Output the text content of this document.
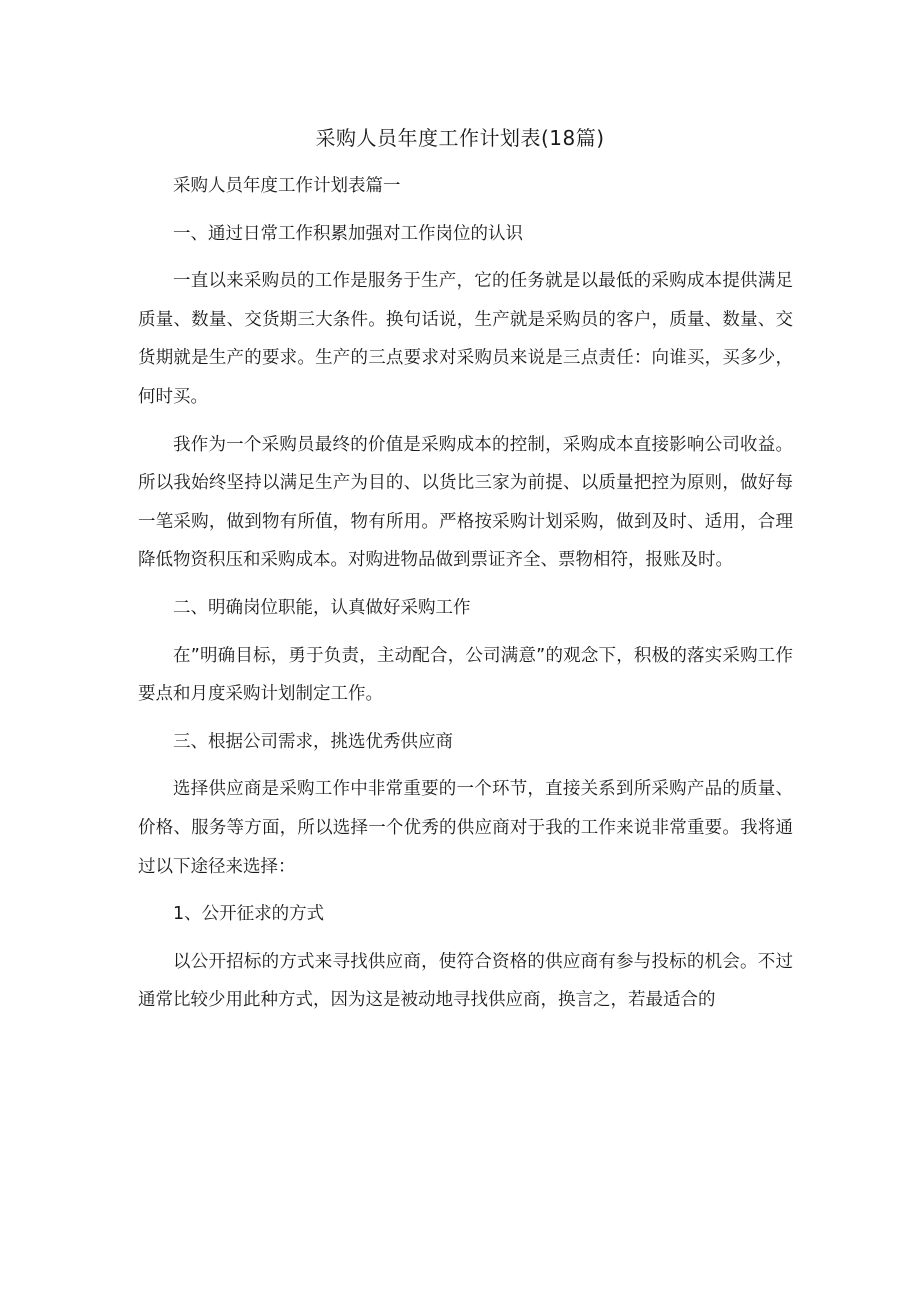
采购人员年度工作计划表(18篇)

采购人员年度工作计划表篇一

一、通过日常工作积累加强对工作岗位的认识

一直以来采购员的工作是服务于生产，它的任务就是以最低的采购成本提供满足质量、数量、交货期三大条件。换句话说，生产就是采购员的客户，质量、数量、交货期就是生产的要求。生产的三点要求对采购员来说是三点责任：向谁买，买多少，何时买。

我作为一个采购员最终的价值是采购成本的控制，采购成本直接影响公司收益。所以我始终坚持以满足生产为目的、以货比三家为前提、以质量把控为原则，做好每一笔采购，做到物有所值，物有所用。严格按采购计划采购，做到及时、适用，合理降低物资积压和采购成本。对购进物品做到票证齐全、票物相符，报账及时。

二、明确岗位职能，认真做好采购工作

在”明确目标，勇于负责，主动配合，公司满意”的观念下，积极的落实采购工作要点和月度采购计划制定工作。

三、根据公司需求，挑选优秀供应商

选择供应商是采购工作中非常重要的一个环节，直接关系到所采购产品的质量、价格、服务等方面，所以选择一个优秀的供应商对于我的工作来说非常重要。我将通过以下途径来选择：

1、公开征求的方式

以公开招标的方式来寻找供应商，使符合资格的供应商有参与投标的机会。不过通常比较少用此种方式，因为这是被动地寻找供应商，换言之，若最适合的
